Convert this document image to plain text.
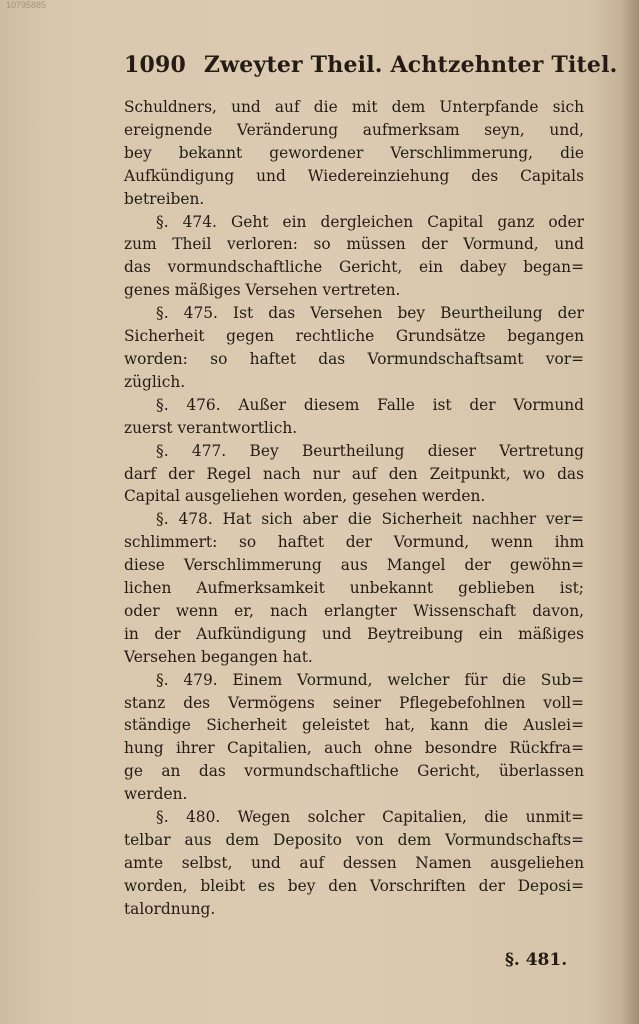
10795885
1090 Zweyter Theil. Achtzehnter Titel.
Schuldners, und auf die mit dem Unterpfande sich
ereignende Veränderung aufmerksam seyn, und,
bey bekannt gewordener Verschlimmerung, die
Aufkündigung und Wiedereinziehung des Capitals
betreiben.
§. 474. Geht ein dergleichen Capital ganz oder
zum Theil verloren: so müssen der Vormund, und
das vormundschaftliche Gericht, ein dabey began=
genes mäßiges Versehen vertreten.
§. 475. Ist das Versehen bey Beurtheilung der
Sicherheit gegen rechtliche Grundsätze begangen
worden: so haftet das Vormundschaftsamt vor=
züglich.
§. 476. Außer diesem Falle ist der Vormund
zuerst verantwortlich.
§. 477. Bey Beurtheilung dieser Vertretung
darf der Regel nach nur auf den Zeitpunkt, wo das
Capital ausgeliehen worden, gesehen werden.
§. 478. Hat sich aber die Sicherheit nachher ver=
schlimmert: so haftet der Vormund, wenn ihm
diese Verschlimmerung aus Mangel der gewöhn=
lichen Aufmerksamkeit unbekannt geblieben ist;
oder wenn er, nach erlangter Wissenschaft davon,
in der Aufkündigung und Beytreibung ein mäßiges
Versehen begangen hat.
§. 479. Einem Vormund, welcher für die Sub=
stanz des Vermögens seiner Pflegebefohlnen voll=
ständige Sicherheit geleistet hat, kann die Auslei=
hung ihrer Capitalien, auch ohne besondre Rückfra=
ge an das vormundschaftliche Gericht, überlassen
werden.
§. 480. Wegen solcher Capitalien, die unmit=
telbar aus dem Deposito von dem Vormundschafts=
amte selbst, und auf dessen Namen ausgeliehen
worden, bleibt es bey den Vorschriften der Deposi=
talordnung.
§. 481.
